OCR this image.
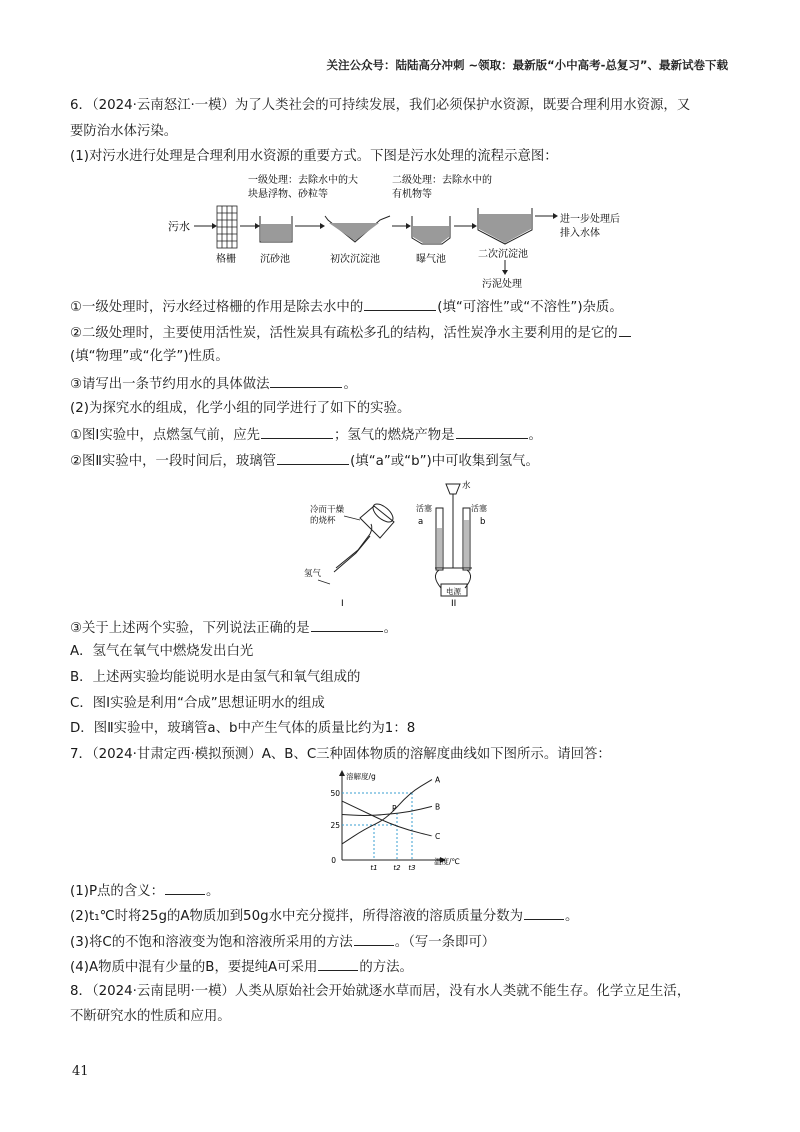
关注公众号：陆陆高分冲刺 ~领取：最新版“小中高考-总复习”、最新试卷下载
6．（2024·云南怒江·一模）为了人类社会的可持续发展，我们必须保护水资源，既要合理利用水资源，又
要防治水体污染。
(1)对污水进行处理是合理利用水资源的重要方式。下图是污水处理的流程示意图：
一级处理：去除水中的大
块悬浮物、砂粒等
二级处理：去除水中的
有机物等
污水
格栅 沉砂池	初次沉淀池	曝气池	二次沉淀池
进一步处理后
排入水体
污泥处理
①一级处理时，污水经过格栅的作用是除去水中的	(填“可溶性”或“不溶性”)杂质。
②二级处理时，主要使用活性炭，活性炭具有疏松多孔的结构，活性炭净水主要利用的是它的
(填“物理”或“化学”)性质。
③请写出一条节约用水的具体做法	。
(2)为探究水的组成，化学小组的同学进行了如下的实验。
①图Ⅰ实验中，点燃氢气前，应先	；氢气的燃烧产物是	。
②图Ⅱ实验中，一段时间后，玻璃管	(填“a”或“b”)中可收集到氢气。
冷而干燥
的烧杯
氢气
I
水
活塞	活塞
a	b
电源
II
③关于上述两个实验，下列说法正确的是	。
A．氢气在氧气中燃烧发出白光
B．上述两实验均能说明水是由氢气和氧气组成的
C．图Ⅰ实验是利用“合成”思想证明水的组成
D．图Ⅱ实验中，玻璃管a、b中产生气体的质量比约为1：8
7．（2024·甘肃定西·模拟预测）A、B、C三种固体物质的溶解度曲线如下图所示。请回答：
溶解度/g
温度/℃
0
25
50
t1 t2 t3
A
B
C
P
(1)P点的含义：	。
(2)t₁℃时将25g的A物质加到50g水中充分搅拌，所得溶液的溶质质量分数为	。
(3)将C的不饱和溶液变为饱和溶液所采用的方法	。（写一条即可）
(4)A物质中混有少量的B，要提纯A可采用	的方法。
8．（2024·云南昆明·一模）人类从原始社会开始就逐水草而居，没有水人类就不能生存。化学立足生活，
不断研究水的性质和应用。
41
